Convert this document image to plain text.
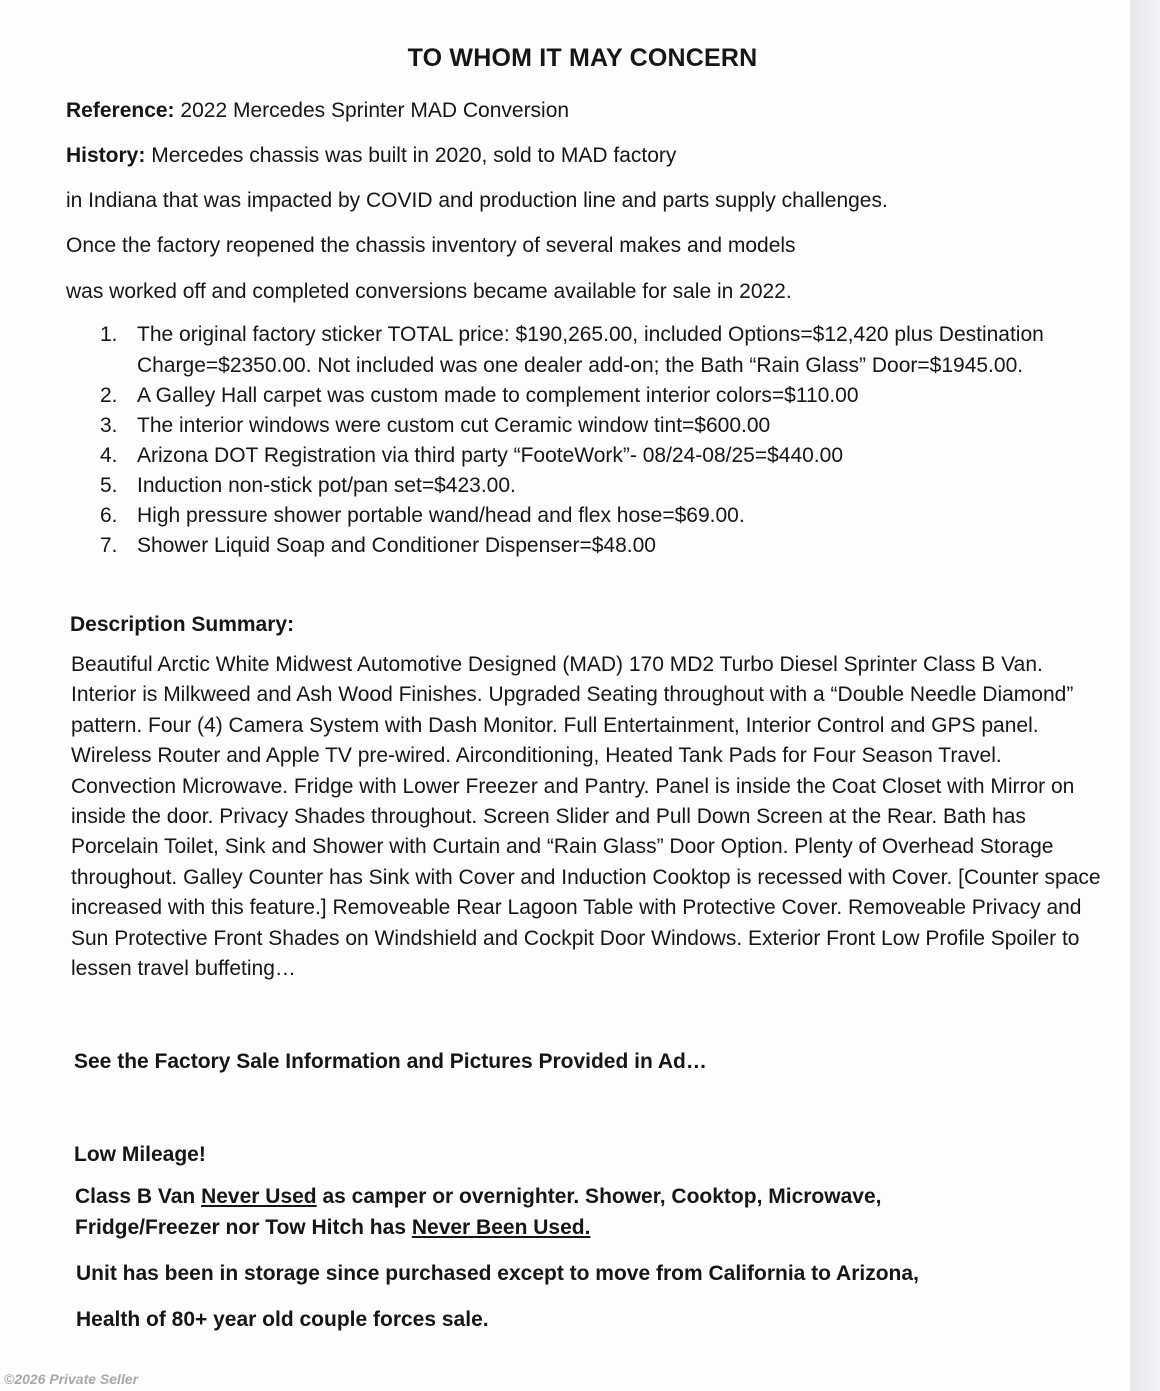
TO WHOM IT MAY CONCERN

Reference: 2022 Mercedes Sprinter MAD Conversion

History: Mercedes chassis was built in 2020, sold to MAD factory

in Indiana that was impacted by COVID and production line and parts supply challenges.

Once the factory reopened the chassis inventory of several makes and models

was worked off and completed conversions became available for sale in 2022.

1. The original factory sticker TOTAL price: $190,265.00, included Options=$12,420 plus Destination Charge=$2350.00. Not included was one dealer add-on; the Bath “Rain Glass” Door=$1945.00.
2. A Galley Hall carpet was custom made to complement interior colors=$110.00
3. The interior windows were custom cut Ceramic window tint=$600.00
4. Arizona DOT Registration via third party “FooteWork”- 08/24-08/25=$440.00
5. Induction non-stick pot/pan set=$423.00.
6. High pressure shower portable wand/head and flex hose=$69.00.
7. Shower Liquid Soap and Conditioner Dispenser=$48.00
Description Summary:

Beautiful Arctic White Midwest Automotive Designed (MAD) 170 MD2 Turbo Diesel Sprinter Class B Van. Interior is Milkweed and Ash Wood Finishes. Upgraded Seating throughout with a “Double Needle Diamond” pattern. Four (4) Camera System with Dash Monitor. Full Entertainment, Interior Control and GPS panel. Wireless Router and Apple TV pre-wired. Airconditioning, Heated Tank Pads for Four Season Travel. Convection Microwave. Fridge with Lower Freezer and Pantry. Panel is inside the Coat Closet with Mirror on inside the door. Privacy Shades throughout. Screen Slider and Pull Down Screen at the Rear. Bath has Porcelain Toilet, Sink and Shower with Curtain and “Rain Glass” Door Option. Plenty of Overhead Storage throughout. Galley Counter has Sink with Cover and Induction Cooktop is recessed with Cover. [Counter space increased with this feature.] Removeable Rear Lagoon Table with Protective Cover. Removeable Privacy and Sun Protective Front Shades on Windshield and Cockpit Door Windows. Exterior Front Low Profile Spoiler to lessen travel buffeting…

See the Factory Sale Information and Pictures Provided in Ad…

Low Mileage!

Class B Van Never Used as camper or overnighter. Shower, Cooktop, Microwave,

Fridge/Freezer nor Tow Hitch has Never Been Used.

Unit has been in storage since purchased except to move from California to Arizona,

Health of 80+ year old couple forces sale.

©2026 Private Seller
